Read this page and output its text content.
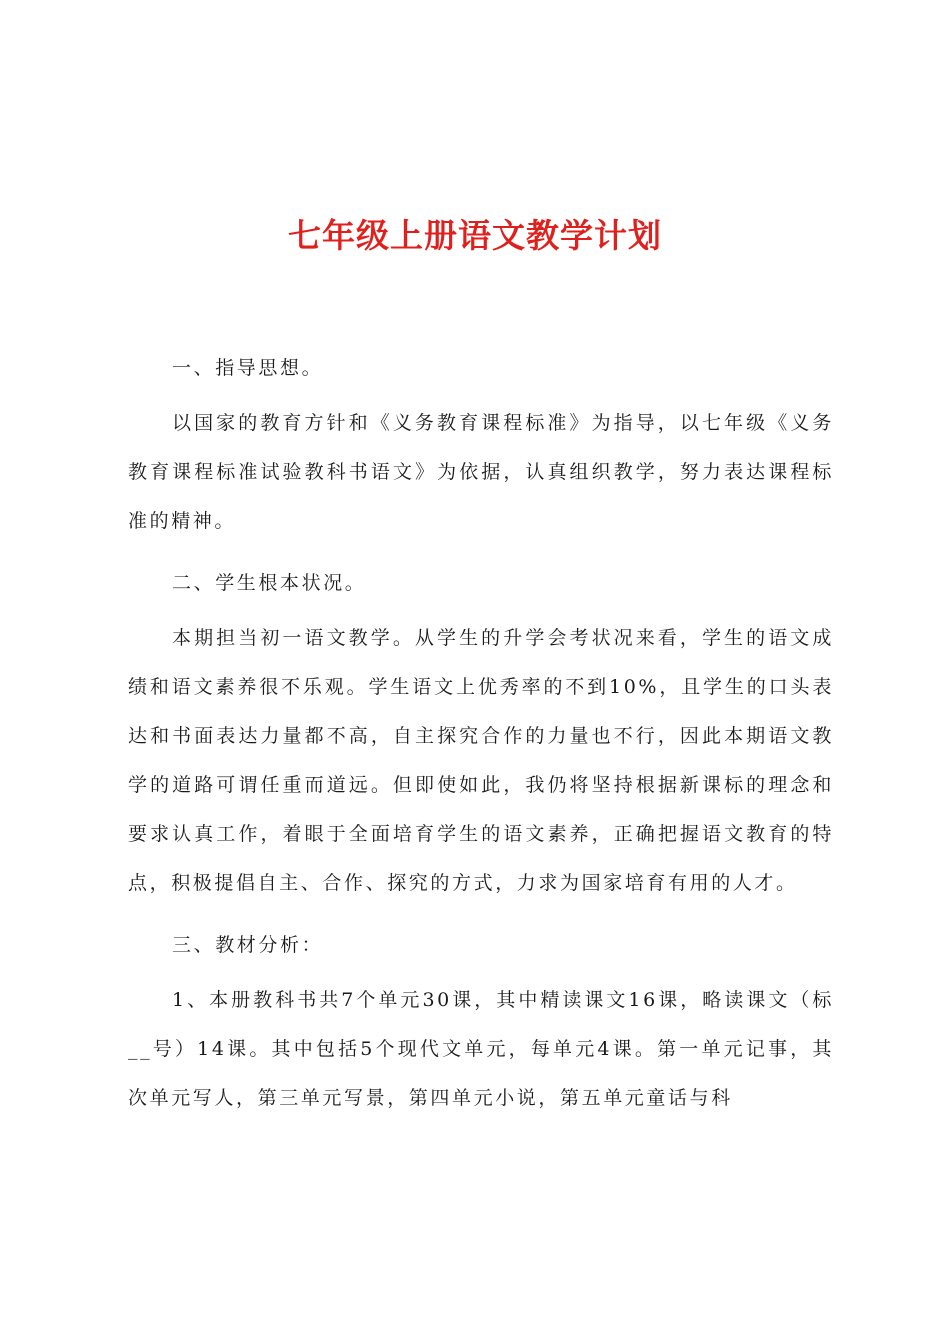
七年级上册语文教学计划

一、指导思想。

以国家的教育方针和《义务教育课程标准》为指导，以七年级《义务教育课程标准试验教科书语文》为依据，认真组织教学，努力表达课程标准的精神。

二、学生根本状况。

本期担当初一语文教学。从学生的升学会考状况来看，学生的语文成绩和语文素养很不乐观。学生语文上优秀率的不到10%，且学生的口头表达和书面表达力量都不高，自主探究合作的力量也不行，因此本期语文教学的道路可谓任重而道远。但即使如此，我仍将坚持根据新课标的理念和要求认真工作，着眼于全面培育学生的语文素养，正确把握语文教育的特点，积极提倡自主、合作、探究的方式，力求为国家培育有用的人才。

三、教材分析：

1、本册教科书共7个单元30课，其中精读课文16课，略读课文（标__号）14课。其中包括5个现代文单元，每单元4课。第一单元记事，其次单元写人，第三单元写景，第四单元小说，第五单元童话与科
